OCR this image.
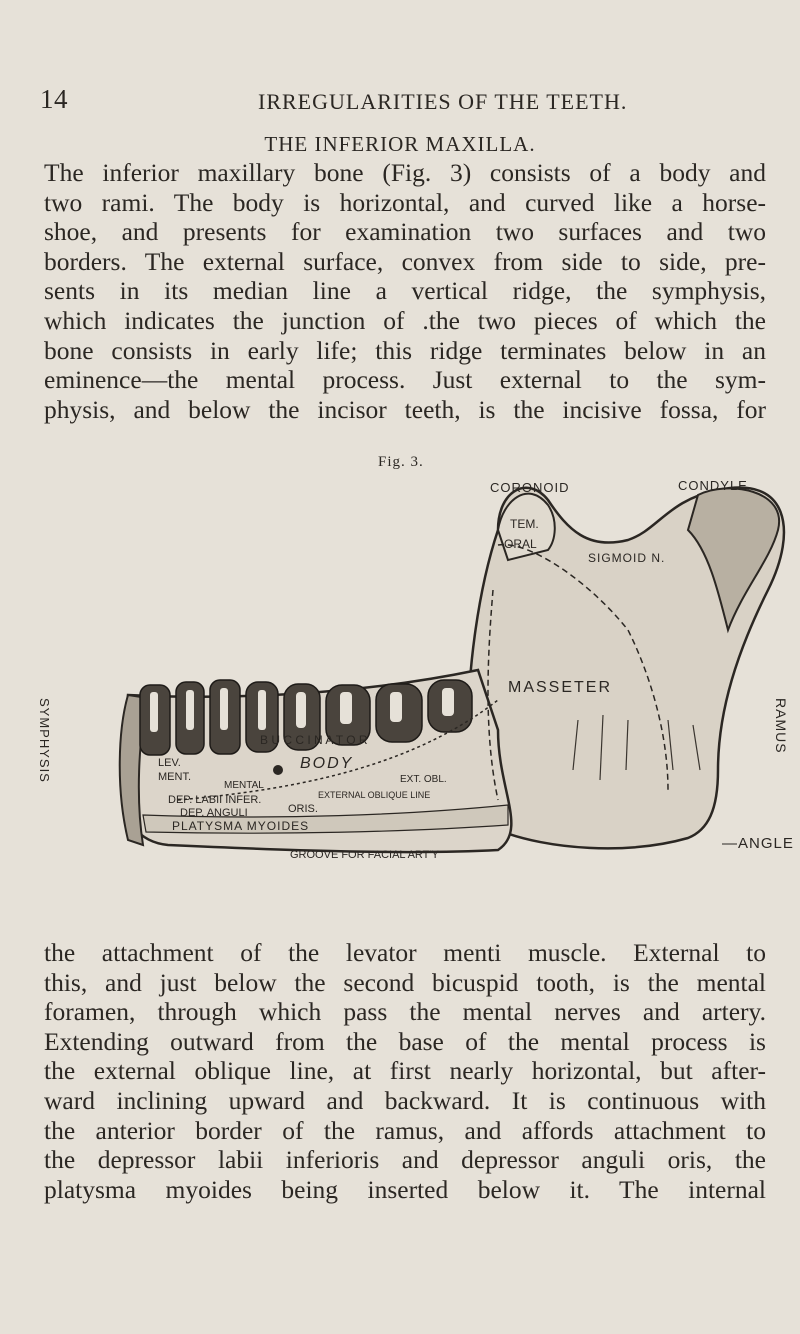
14	IRREGULARITIES OF THE TEETH.
THE INFERIOR MAXILLA.

The inferior maxillary bone (Fig. 3) consists of a body and
two rami. The body is horizontal, and curved like a horse-
shoe, and presents for examination two surfaces and two
borders. The external surface, convex from side to side, pre-
sents in its median line a vertical ridge, the symphysis,
which indicates the junction of .the two pieces of which the
bone consists in early life; this ridge terminates below in an
eminence—the mental process. Just external to the sym-
physis, and below the incisor teeth, is the incisive fossa, for

Fig. 3.
CORONOID	CONDYLE
TEM.
ORAL
SIGMOID N.
MASSETER
B U C C I N A T O R
BODY
MENTAL
EXT. OBL.
EXTERNAL OBLIQUE LINE
LEV.
MENT.
DEP. LABII INFER.
DEP. ANGULI	ORIS.
PLATYSMA MYOIDES
GROOVE FOR FACIAL ART'Y
—ANGLE
RAMUS
SYMPHYSIS

the attachment of the levator menti muscle. External to
this, and just below the second bicuspid tooth, is the mental
foramen, through which pass the mental nerves and artery.
Extending outward from the base of the mental process is
the external oblique line, at first nearly horizontal, but after-
ward inclining upward and backward. It is continuous with
the anterior border of the ramus, and affords attachment to
the depressor labii inferioris and depressor anguli oris, the
platysma myoides being inserted below it. The internal
